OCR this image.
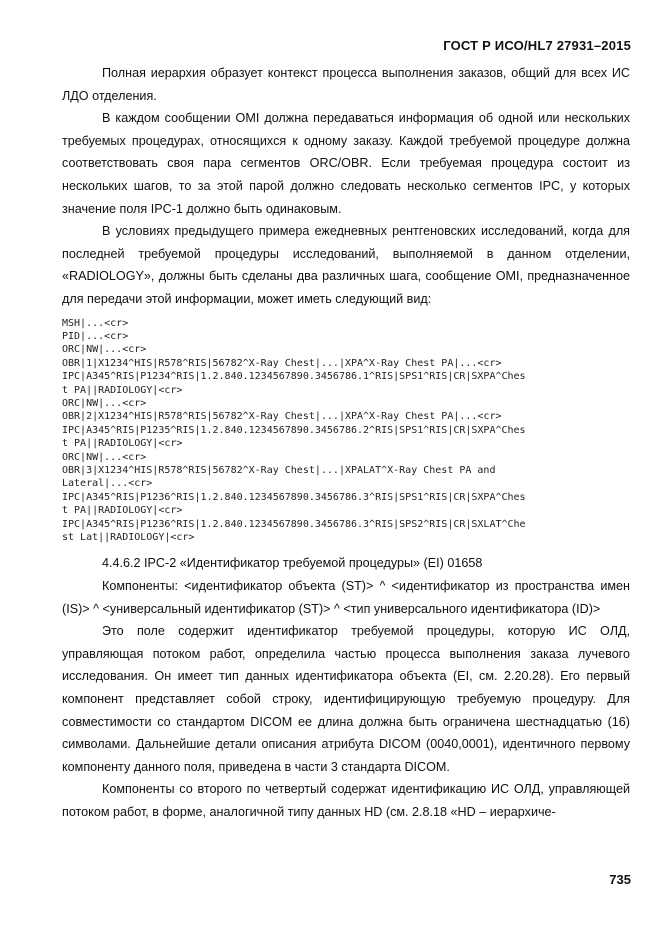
ГОСТ Р ИСО/HL7 27931–2015

Полная иерархия образует контекст процесса выполнения заказов, общий для всех ИС ЛДО отделения.

В каждом сообщении OMI должна передаваться информация об одной или нескольких требуемых процедурах, относящихся к одному заказу. Каждой требуемой процедуре должна соответствовать своя пара сегментов ORC/OBR. Если требуемая процедура состоит из нескольких шагов, то за этой парой должно следовать несколько сегментов IPC, у которых значение поля IPC-1 должно быть одинаковым.

В условиях предыдущего примера ежедневных рентгеновских исследований, когда для последней требуемой процедуры исследований, выполняемой в данном отделении, «RADIOLOGY», должны быть сделаны два различных шага, сообщение OMI, предназначенное для передачи этой информации, может иметь следующий вид:

MSH|...<cr>
PID|...<cr>
ORC|NW|...<cr>
OBR|1|X1234^HIS|R578^RIS|56782^X-Ray Chest|...|XPA^X-Ray Chest PA|...<cr>
IPC|A345^RIS|P1234^RIS|1.2.840.1234567890.3456786.1^RIS|SPS1^RIS|CR|SXPA^Ches
t PA||RADIOLOGY|<cr>
ORC|NW|...<cr>
OBR|2|X1234^HIS|R578^RIS|56782^X-Ray Chest|...|XPA^X-Ray Chest PA|...<cr>
IPC|A345^RIS|P1235^RIS|1.2.840.1234567890.3456786.2^RIS|SPS1^RIS|CR|SXPA^Ches
t PA||RADIOLOGY|<cr>
ORC|NW|...<cr>
OBR|3|X1234^HIS|R578^RIS|56782^X-Ray Chest|...|XPALAT^X-Ray Chest PA and
Lateral|...<cr>
IPC|A345^RIS|P1236^RIS|1.2.840.1234567890.3456786.3^RIS|SPS1^RIS|CR|SXPA^Ches
t PA||RADIOLOGY|<cr>
IPC|A345^RIS|P1236^RIS|1.2.840.1234567890.3456786.3^RIS|SPS2^RIS|CR|SXLAT^Che
st Lat||RADIOLOGY|<cr>

4.4.6.2 IPC-2 «Идентификатор требуемой процедуры» (EI) 01658

Компоненты: <идентификатор объекта (ST)> ^ <идентификатор из пространства имен (IS)> ^ <универсальный идентификатор (ST)> ^ <тип универсального идентификатора (ID)>

Это поле содержит идентификатор требуемой процедуры, которую ИС ОЛД, управляющая потоком работ, определила частью процесса выполнения заказа лучевого исследования. Он имеет тип данных идентификатора объекта (EI, см. 2.20.28). Его первый компонент представляет собой строку, идентифицирующую требуемую процедуру. Для совместимости со стандартом DICOM ее длина должна быть ограничена шестнадцатью (16) символами. Дальнейшие детали описания атрибута DICOM (0040,0001), идентичного первому компоненту данного поля, приведена в части 3 стандарта DICOM.

Компоненты со второго по четвертый содержат идентификацию ИС ОЛД, управляющей потоком работ, в форме, аналогичной типу данных HD (см. 2.8.18 «HD – иерархиче-

735
